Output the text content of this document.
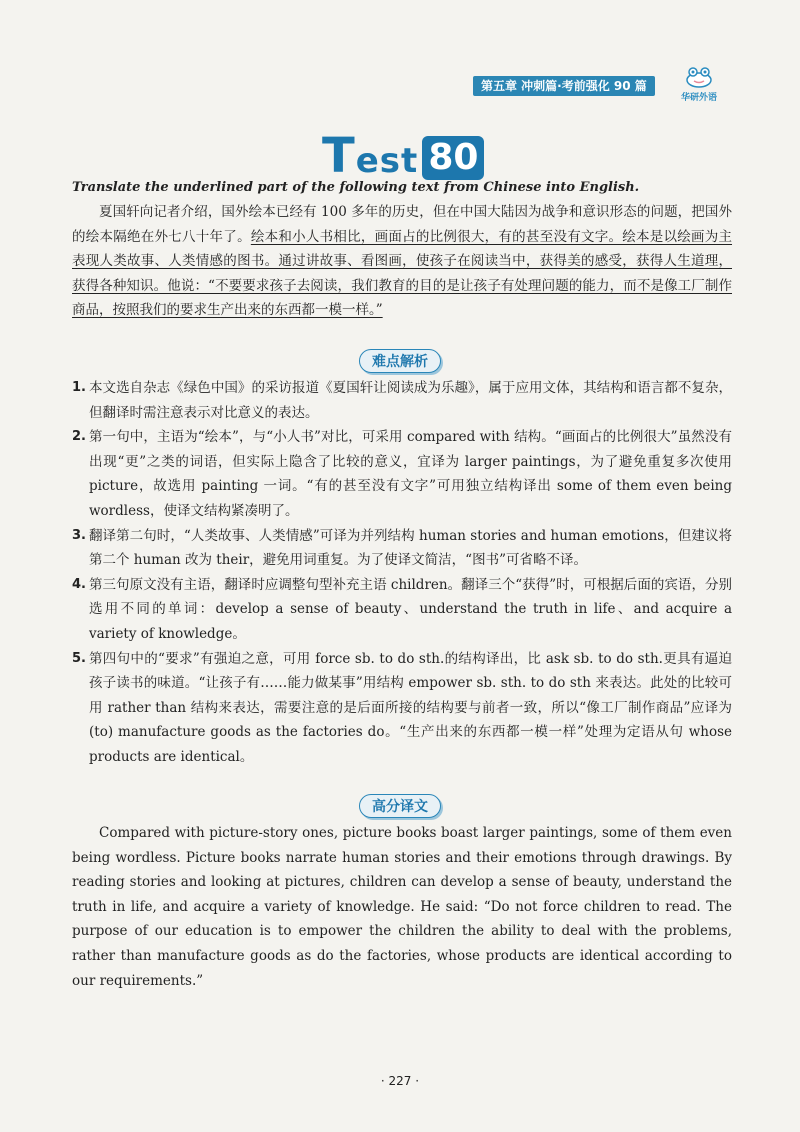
第五章 冲刺篇·考前强化 90 篇
华研外语
Test 80
Translate the underlined part of the following text from Chinese into English.

夏国轩向记者介绍，国外绘本已经有 100 多年的历史，但在中国大陆因为战争和意识形态的问题，把国外的绘本隔绝在外七八十年了。绘本和小人书相比，画面占的比例很大，有的甚至没有文字。绘本是以绘画为主表现人类故事、人类情感的图书。通过讲故事、看图画，使孩子在阅读当中，获得美的感受，获得人生道理，获得各种知识。他说：“不要要求孩子去阅读，我们教育的目的是让孩子有处理问题的能力，而不是像工厂制作商品，按照我们的要求生产出来的东西都一模一样。”

难点解析
1. 本文选自杂志《绿色中国》的采访报道《夏国轩让阅读成为乐趣》，属于应用文体，其结构和语言都不复杂，但翻译时需注意表示对比意义的表达。
2. 第一句中，主语为“绘本”，与“小人书”对比，可采用 compared with 结构。“画面占的比例很大”虽然没有出现“更”之类的词语，但实际上隐含了比较的意义，宜译为 larger paintings，为了避免重复多次使用 picture，故选用 painting 一词。“有的甚至没有文字”可用独立结构译出 some of them even being wordless，使译文结构紧凑明了。
3. 翻译第二句时，“人类故事、人类情感”可译为并列结构 human stories and human emotions，但建议将第二个 human 改为 their，避免用词重复。为了使译文简洁，“图书”可省略不译。
4. 第三句原文没有主语，翻译时应调整句型补充主语 children。翻译三个“获得”时，可根据后面的宾语，分别选用不同的单词：develop a sense of beauty、understand the truth in life、and acquire a variety of knowledge。
5. 第四句中的“要求”有强迫之意，可用 force sb. to do sth.的结构译出，比 ask sb. to do sth.更具有逼迫孩子读书的味道。“让孩子有……能力做某事”用结构 empower sb. sth. to do sth 来表达。此处的比较可用 rather than 结构来表达，需要注意的是后面所接的结构要与前者一致，所以“像工厂制作商品”应译为(to) manufacture goods as the factories do。“生产出来的东西都一模一样”处理为定语从句 whose products are identical。
高分译文

Compared with picture-story ones, picture books boast larger paintings, some of them even being wordless. Picture books narrate human stories and their emotions through drawings. By reading stories and looking at pictures, children can develop a sense of beauty, understand the truth in life, and acquire a variety of knowledge. He said: “Do not force children to read. The purpose of our education is to empower the children the ability to deal with the problems, rather than manufacture goods as do the factories, whose products are identical according to our requirements.”

· 227 ·
